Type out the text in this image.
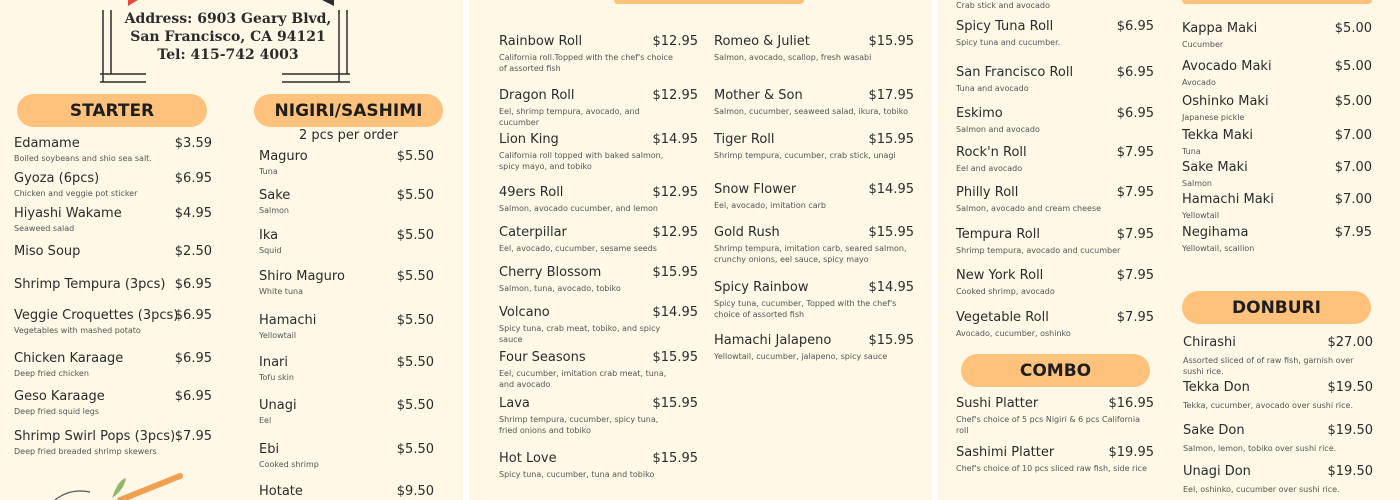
Address: 6903 Geary Blvd,
San Francisco, CA 94121
Tel: 415-742 4003
STARTER	NIGIRI/SASHIMI
2 pcs per order
Edamame	$3.59
Boiled soybeans and shio sea salt.
Gyoza (6pcs)	$6.95
Chicken and veggie pot sticker
Hiyashi Wakame	$4.95
Seaweed salad
Miso Soup	$2.50
Shrimp Tempura (3pcs) $6.95
Veggie Croquettes (3pcs)
$6.95
Vegetables with mashed potato
Chicken Karaage	$6.95
Deep fried chicken
Geso Karaage	$6.95
Deep fried squid legs
Shrimp Swirl Pops (3pcs) $7.95
Deep fried breaded shrimp skewers
Maguro	$5.50
Tuna
Sake	$5.50
Salmon
Ika	$5.50
Squid
Shiro Maguro	$5.50
White tuna
Hamachi	$5.50
Yellowtail
Inari	$5.50
Tofu skin
Unagi	$5.50
Eel
Ebi	$5.50
Cooked shrimp
Hotate	$9.50
Rainbow Roll	$12.95
California roll.Topped with the chef's choice of assorted fish
Dragon Roll	$12.95
Eel, shrimp tempura, avocado, and cucumber
Lion King	$14.95
California roll topped with baked salmon, spicy mayo, and tobiko
49ers Roll	$12.95
Salmon, avocado cucumber, and lemon
Caterpillar	$12.95
Eel, avocado, cucumber, sesame seeds
Cherry Blossom	$15.95
Salmon, tuna, avocado, tobiko
Volcano	$14.95
Spicy tuna, crab meat, tobiko, and spicy sauce
Four Seasons	$15.95
Eel, cucumber, imitation crab meat, tuna, and avocado
Lava	$15.95
Shrimp tempura, cucumber, spicy tuna, fried onions and tobiko
Hot Love	$15.95
Spicy tuna, cucumber, tuna and tobiko
Romeo & Juliet	$15.95
Salmon, avocado, scallop, fresh wasabi
Mother & Son	$17.95
Salmon, cucumber, seaweed salad, ikura, tobiko
Tiger Roll	$15.95
Shrimp tempura, cucumber, crab stick, unagi
Snow Flower	$14.95
Eel, avocado, imitation carb
Gold Rush	$15.95
Shrimp tempura, imitation carb, seared salmon, crunchy onions, eel sauce, spicy mayo
Spicy Rainbow	$14.95
Spicy tuna, cucumber, Topped with the chef's choice of assorted fish
Hamachi Jalapeno	$15.95
Yellowtail, cucumber, jalapeno, spicy sauce
Crab stick and avocado
Spicy Tuna Roll	$6.95
Spicy tuna and cucumber.
San Francisco Roll	$6.95
Tuna and avocado
Eskimo	$6.95
Salmon and avocado
Rock'n Roll	$7.95
Eel and avocado
Philly Roll	$7.95
Salmon, avocado and cream cheese
Tempura Roll	$7.95
Shrimp tempura, avocado and cucumber
New York Roll	$7.95
Cooked shrimp, avocado
Vegetable Roll	$7.95
Avocado, cucumber, oshinko
COMBO
Sushi Platter	$16.95
Chef's choice of 5 pcs Nigiri & 6 pcs California roll
Sashimi Platter	$19.95
Chef's choice of 10 pcs sliced raw fish, side rice
Kappa Maki	$5.00
Cucumber
Avocado Maki	$5.00
Avocado
Oshinko Maki	$5.00
Japanese pickle
Tekka Maki	$7.00
Tuna
Sake Maki	$7.00
Salmon
Hamachi Maki	$7.00
Yellowtail
Negihama	$7.95
Yellowtail, scallion
DONBURI
Chirashi	$27.00
Assorted sliced of of raw fish, garnish over sushi rice.
Tekka Don	$19.50
Tekka, cucumber, avocado over sushi rice.
Sake Don	$19.50
Salmon, lemon, tobiko over sushi rice.
Unagi Don	$19.50
Eel, oshinko, cucumber over sushi rice.
